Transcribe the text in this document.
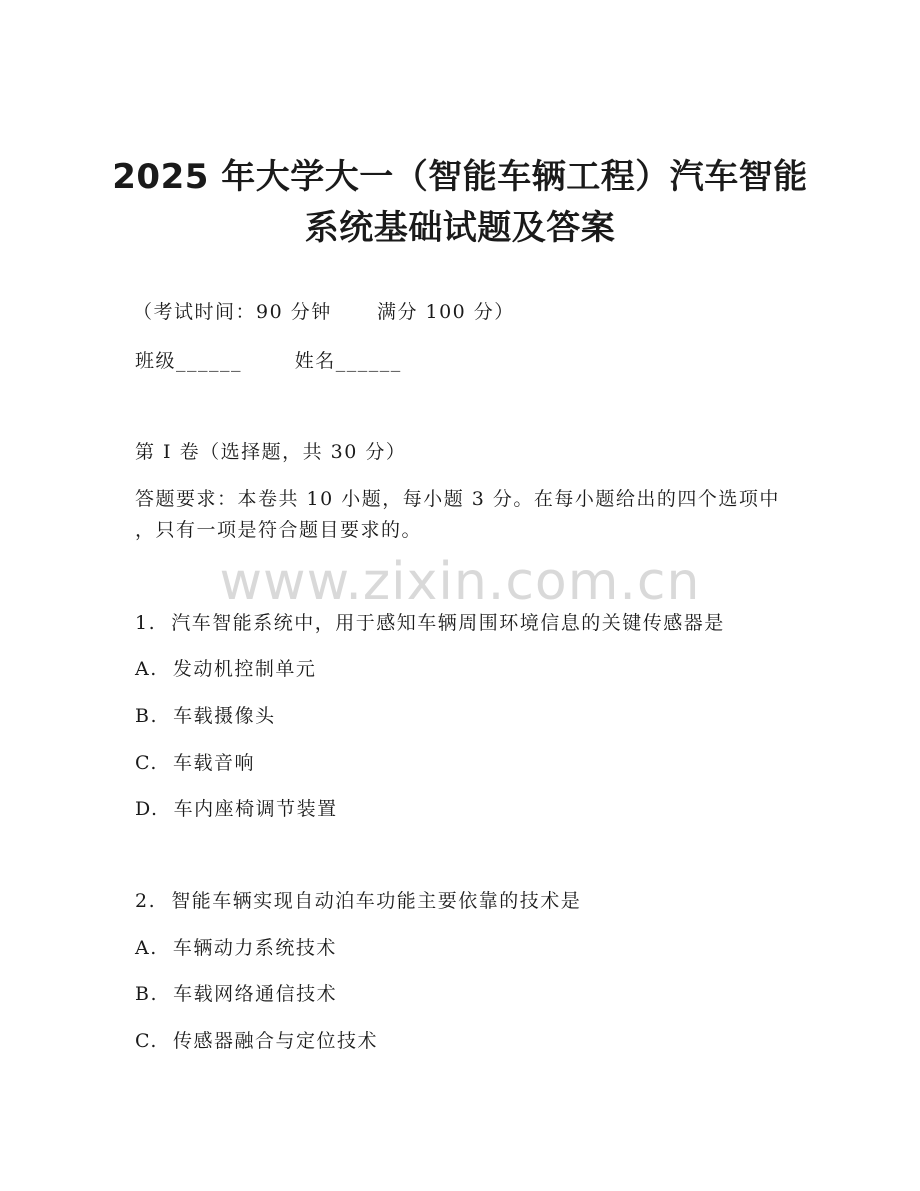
2025 年大学大一（智能车辆工程）汽车智能
系统基础试题及答案

（考试时间：90 分钟      满分 100 分）

班级______       姓名______

第 I 卷（选择题，共 30 分）

答题要求：本卷共 10 小题，每小题 3 分。在每小题给出的四个选项中

，只有一项是符合题目要求的。

www.zixin.com.cn

1.  汽车智能系统中，用于感知车辆周围环境信息的关键传感器是

A.  发动机控制单元

B.  车载摄像头

C.  车载音响

D.  车内座椅调节装置

2.  智能车辆实现自动泊车功能主要依靠的技术是

A.  车辆动力系统技术

B.  车载网络通信技术

C.  传感器融合与定位技术
